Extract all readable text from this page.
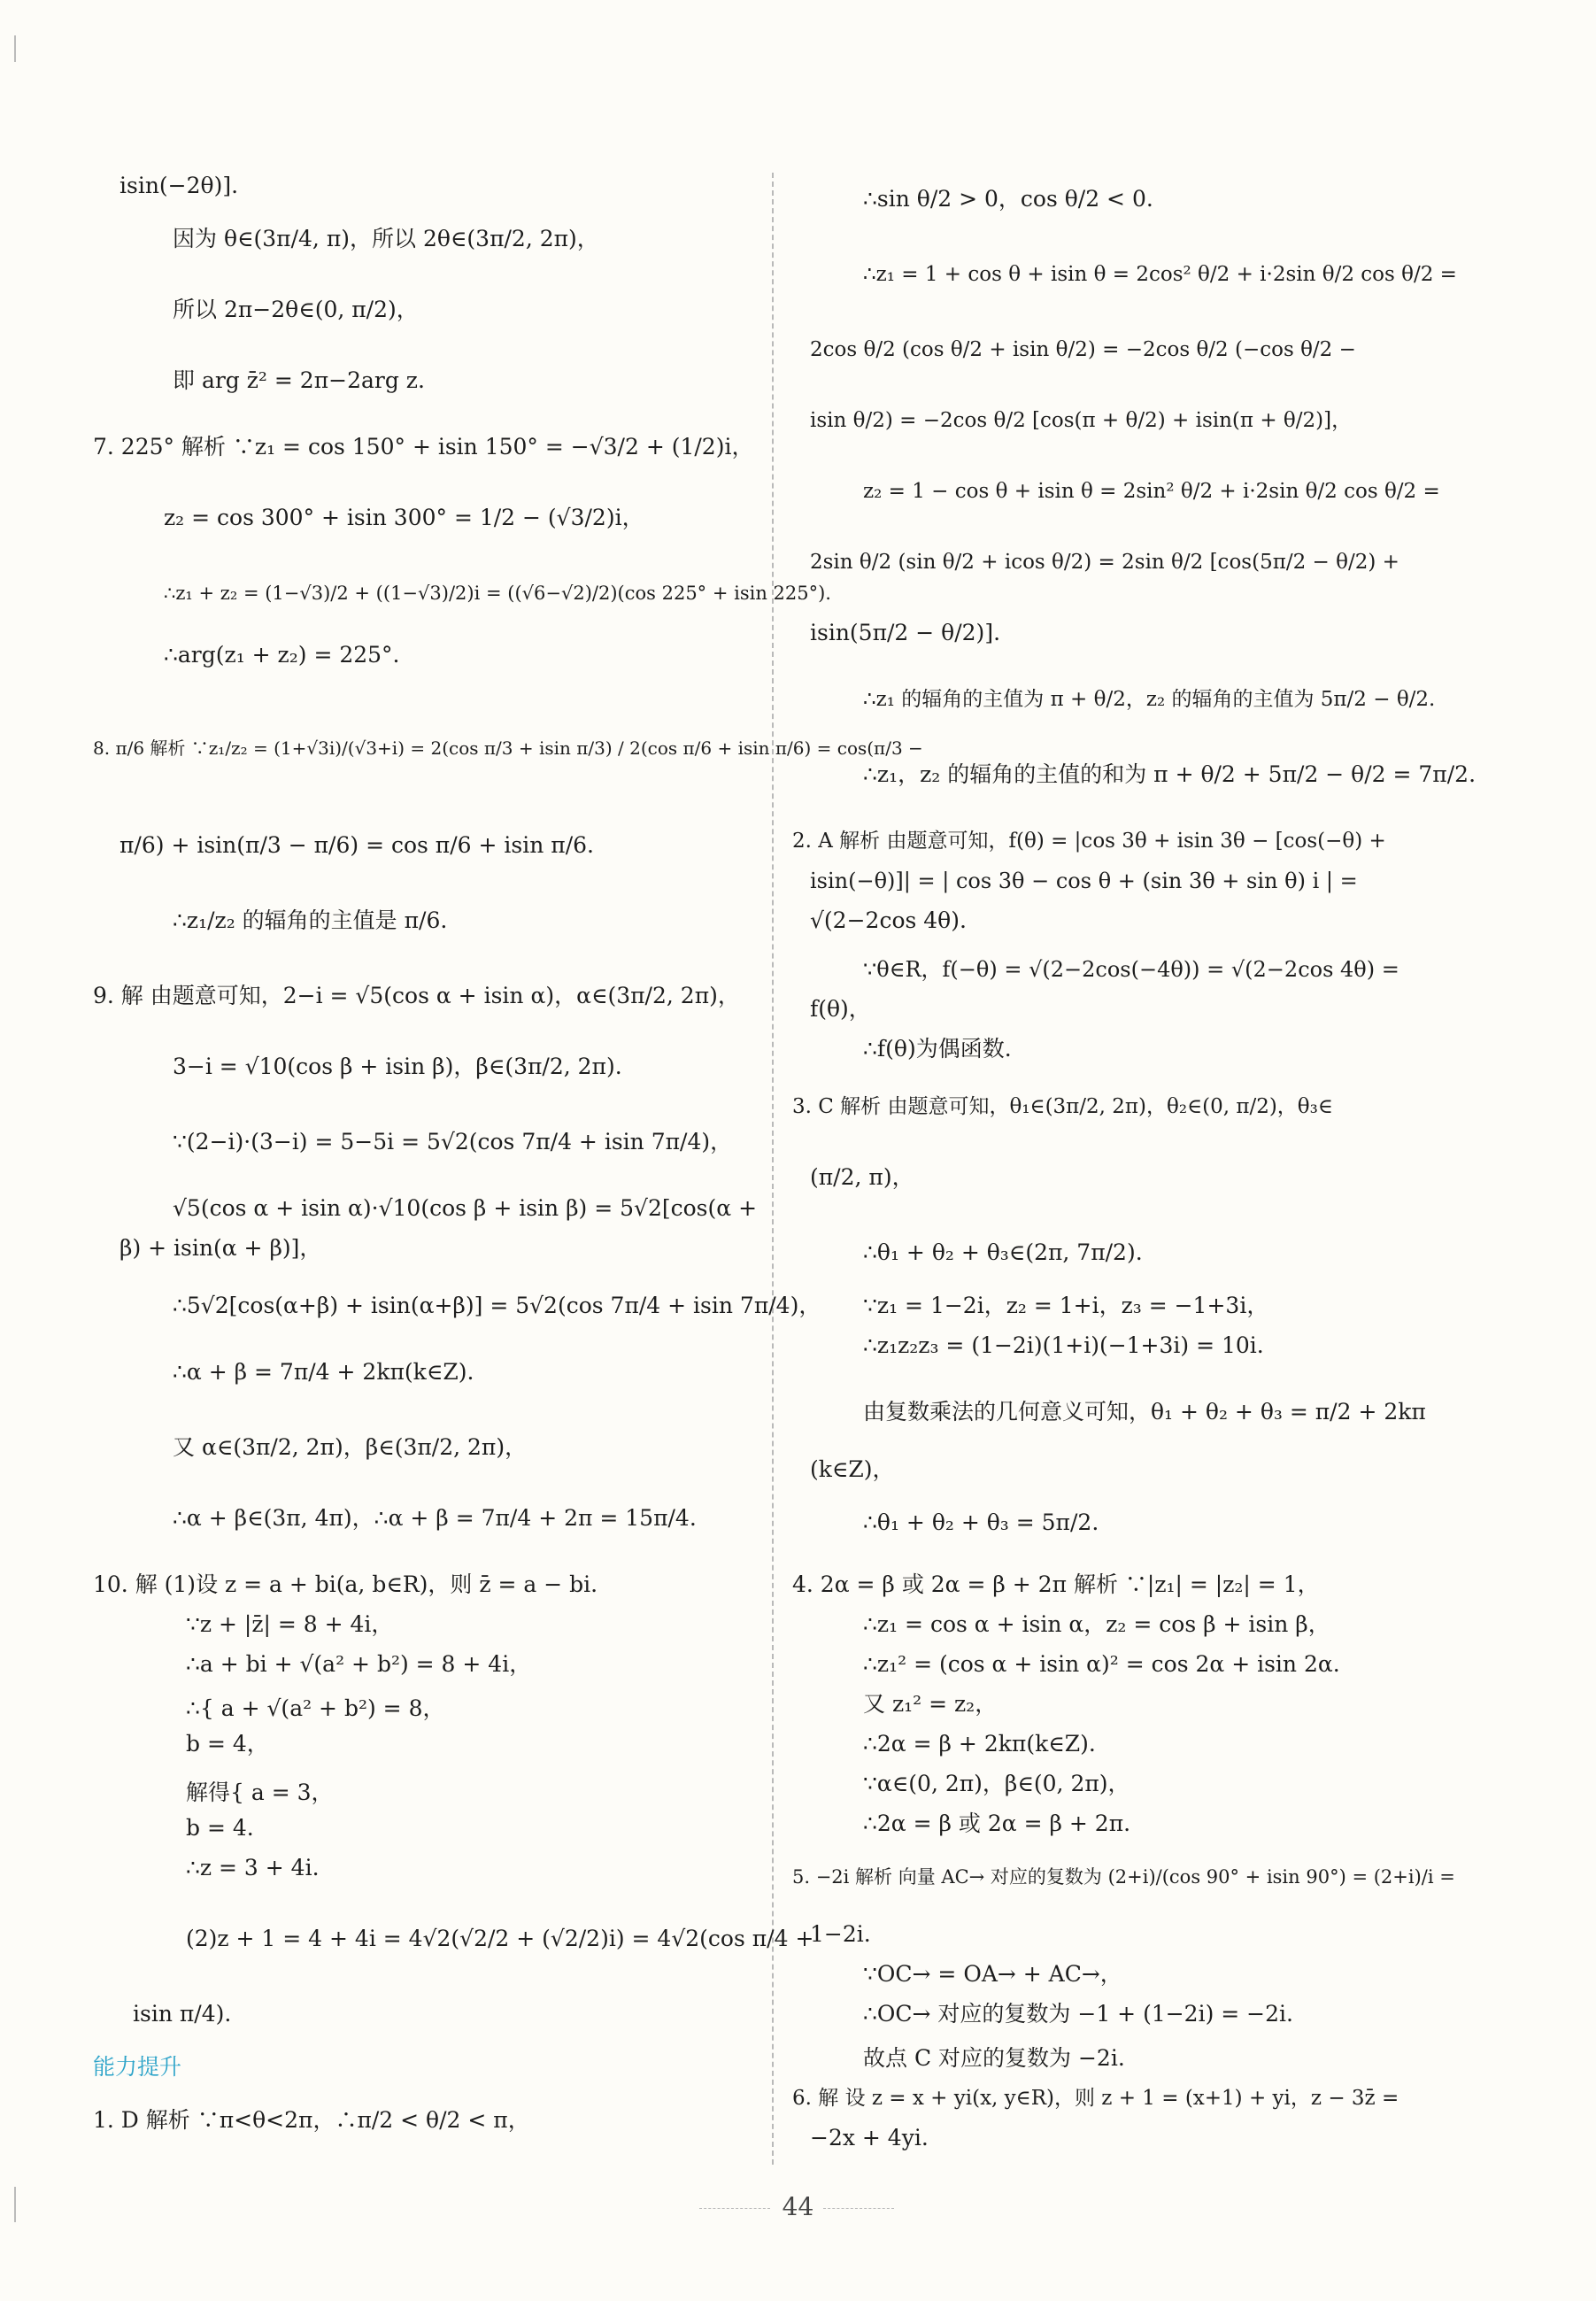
isin(−2θ)].
因为 θ∈(3π/4, π)，所以 2θ∈(3π/2, 2π)，
所以 2π−2θ∈(0, π/2)，
即 arg z̄² = 2π−2arg z.
7. 225° 解析 ∵z₁ = cos 150° + isin 150° = −√3/2 + (1/2)i，
z₂ = cos 300° + isin 300° = 1/2 − (√3/2)i，
∴z₁ + z₂ = (1−√3)/2 + ((1−√3)/2)i = ((√6−√2)/2)(cos 225° + isin 225°).
∴arg(z₁ + z₂) = 225°.
8. π/6 解析 ∵z₁/z₂ = (1+√3i)/(√3+i) = 2(cos π/3 + isin π/3) / 2(cos π/6 + isin π/6) = cos(π/3 −
π/6) + isin(π/3 − π/6) = cos π/6 + isin π/6.
∴z₁/z₂ 的辐角的主值是 π/6.
9. 解 由题意可知，2−i = √5(cos α + isin α)，α∈(3π/2, 2π)，
3−i = √10(cos β + isin β)，β∈(3π/2, 2π).
∵(2−i)·(3−i) = 5−5i = 5√2(cos 7π/4 + isin 7π/4)，
√5(cos α + isin α)·√10(cos β + isin β) = 5√2[cos(α +
β) + isin(α + β)]，
∴5√2[cos(α+β) + isin(α+β)] = 5√2(cos 7π/4 + isin 7π/4)，
∴α + β = 7π/4 + 2kπ(k∈Z).
又 α∈(3π/2, 2π)，β∈(3π/2, 2π)，
∴α + β∈(3π, 4π)，∴α + β = 7π/4 + 2π = 15π/4.
10. 解 (1)设 z = a + bi(a, b∈R)，则 z̄ = a − bi.
∵z + |z̄| = 8 + 4i，
∴a + bi + √(a² + b²) = 8 + 4i，
∴{ a + √(a² + b²) = 8，
b = 4，
解得{ a = 3，
b = 4.
∴z = 3 + 4i.
(2)z + 1 = 4 + 4i = 4√2(√2/2 + (√2/2)i) = 4√2(cos π/4 +
isin π/4).
能力提升
1. D 解析 ∵π<θ<2π，∴π/2 < θ/2 < π，
∴sin θ/2 > 0，cos θ/2 < 0.
∴z₁ = 1 + cos θ + isin θ = 2cos² θ/2 + i·2sin θ/2 cos θ/2 =
2cos θ/2 (cos θ/2 + isin θ/2) = −2cos θ/2 (−cos θ/2 −
isin θ/2) = −2cos θ/2 [cos(π + θ/2) + isin(π + θ/2)]，
z₂ = 1 − cos θ + isin θ = 2sin² θ/2 + i·2sin θ/2 cos θ/2 =
2sin θ/2 (sin θ/2 + icos θ/2) = 2sin θ/2 [cos(5π/2 − θ/2) +
isin(5π/2 − θ/2)].
∴z₁ 的辐角的主值为 π + θ/2，z₂ 的辐角的主值为 5π/2 − θ/2.
∴z₁，z₂ 的辐角的主值的和为 π + θ/2 + 5π/2 − θ/2 = 7π/2.
2. A 解析 由题意可知，f(θ) = |cos 3θ + isin 3θ − [cos(−θ) +
isin(−θ)]| = | cos 3θ − cos θ + (sin 3θ + sin θ) i | =
√(2−2cos 4θ).
∵θ∈R，f(−θ) = √(2−2cos(−4θ)) = √(2−2cos 4θ) =
f(θ)，
∴f(θ)为偶函数.
3. C 解析 由题意可知，θ₁∈(3π/2, 2π)，θ₂∈(0, π/2)，θ₃∈
(π/2, π)，
∴θ₁ + θ₂ + θ₃∈(2π, 7π/2).
∵z₁ = 1−2i，z₂ = 1+i，z₃ = −1+3i，
∴z₁z₂z₃ = (1−2i)(1+i)(−1+3i) = 10i.
由复数乘法的几何意义可知，θ₁ + θ₂ + θ₃ = π/2 + 2kπ
(k∈Z)，
∴θ₁ + θ₂ + θ₃ = 5π/2.
4. 2α = β 或 2α = β + 2π 解析 ∵|z₁| = |z₂| = 1，
∴z₁ = cos α + isin α，z₂ = cos β + isin β，
∴z₁² = (cos α + isin α)² = cos 2α + isin 2α.
又 z₁² = z₂，
∴2α = β + 2kπ(k∈Z).
∵α∈(0, 2π)，β∈(0, 2π)，
∴2α = β 或 2α = β + 2π.
5. −2i 解析 向量 AC→ 对应的复数为 (2+i)/(cos 90° + isin 90°) = (2+i)/i =
1−2i.
∵OC→ = OA→ + AC→，
∴OC→ 对应的复数为 −1 + (1−2i) = −2i.
故点 C 对应的复数为 −2i.
6. 解 设 z = x + yi(x, y∈R)，则 z + 1 = (x+1) + yi，z − 3z̄ =
−2x + 4yi.
44
